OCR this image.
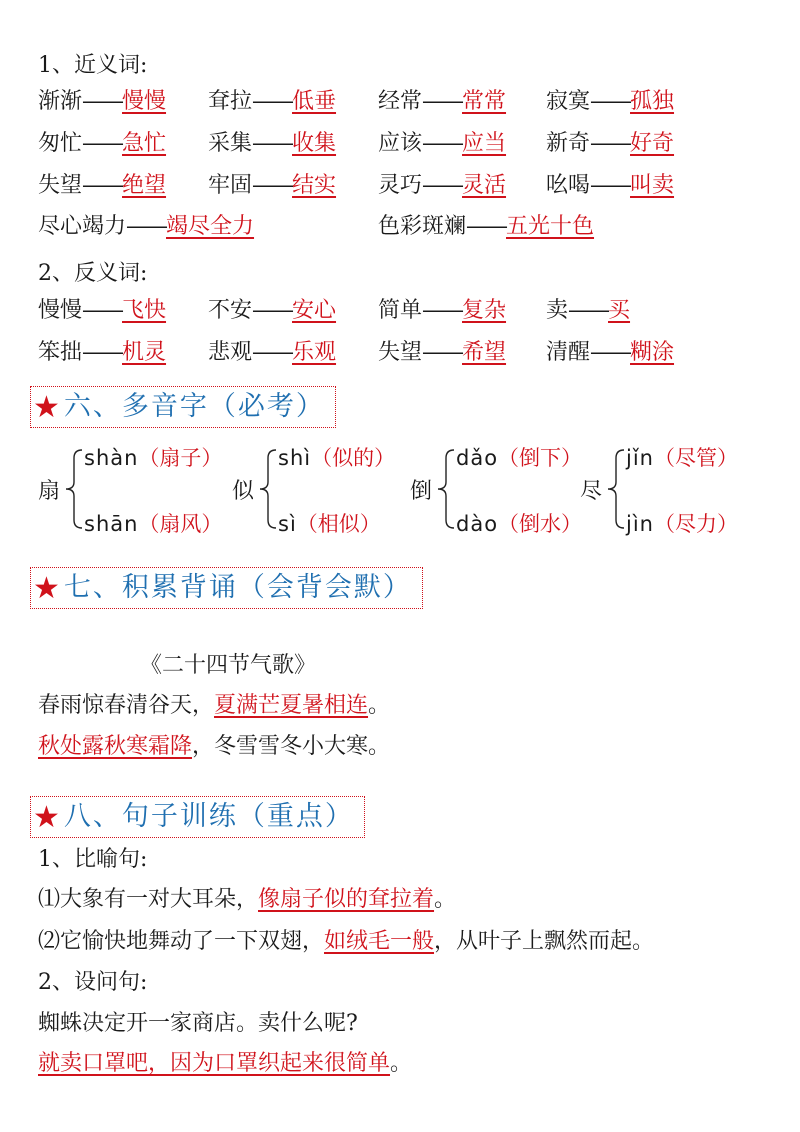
1、近义词:
渐渐——慢慢 耷拉——低垂 经常——常常 寂寞——孤独
匆忙——急忙 采集——收集 应该——应当 新奇——好奇
失望——绝望 牢固——结实 灵巧——灵活 吆喝——叫卖
尽心竭力——竭尽全力	色彩斑斓——五光十色
2、反义词:
慢慢——飞快 不安——安心 简单——复杂 卖——买
笨拙——机灵 悲观——乐观 失望——希望 清醒——糊涂
★ 六、多音字（必考）
扇
shàn（扇子）
shān（扇风）
似
shì（似的）
sì（相似）
倒
dǎo（倒下）
dào（倒水）
尽
jǐn（尽管）
jìn（尽力）
★ 七、积累背诵（会背会默）
《二十四节气歌》
春雨惊春清谷天，夏满芒夏暑相连。
秋处露秋寒霜降，冬雪雪冬小大寒。
★ 八、句子训练（重点）
1、比喻句:
⑴大象有一对大耳朵，像扇子似的耷拉着。
⑵它愉快地舞动了一下双翅，如绒毛一般，从叶子上飘然而起。
2、设问句:
蜘蛛决定开一家商店。卖什么呢?
就卖口罩吧，因为口罩织起来很简单。
